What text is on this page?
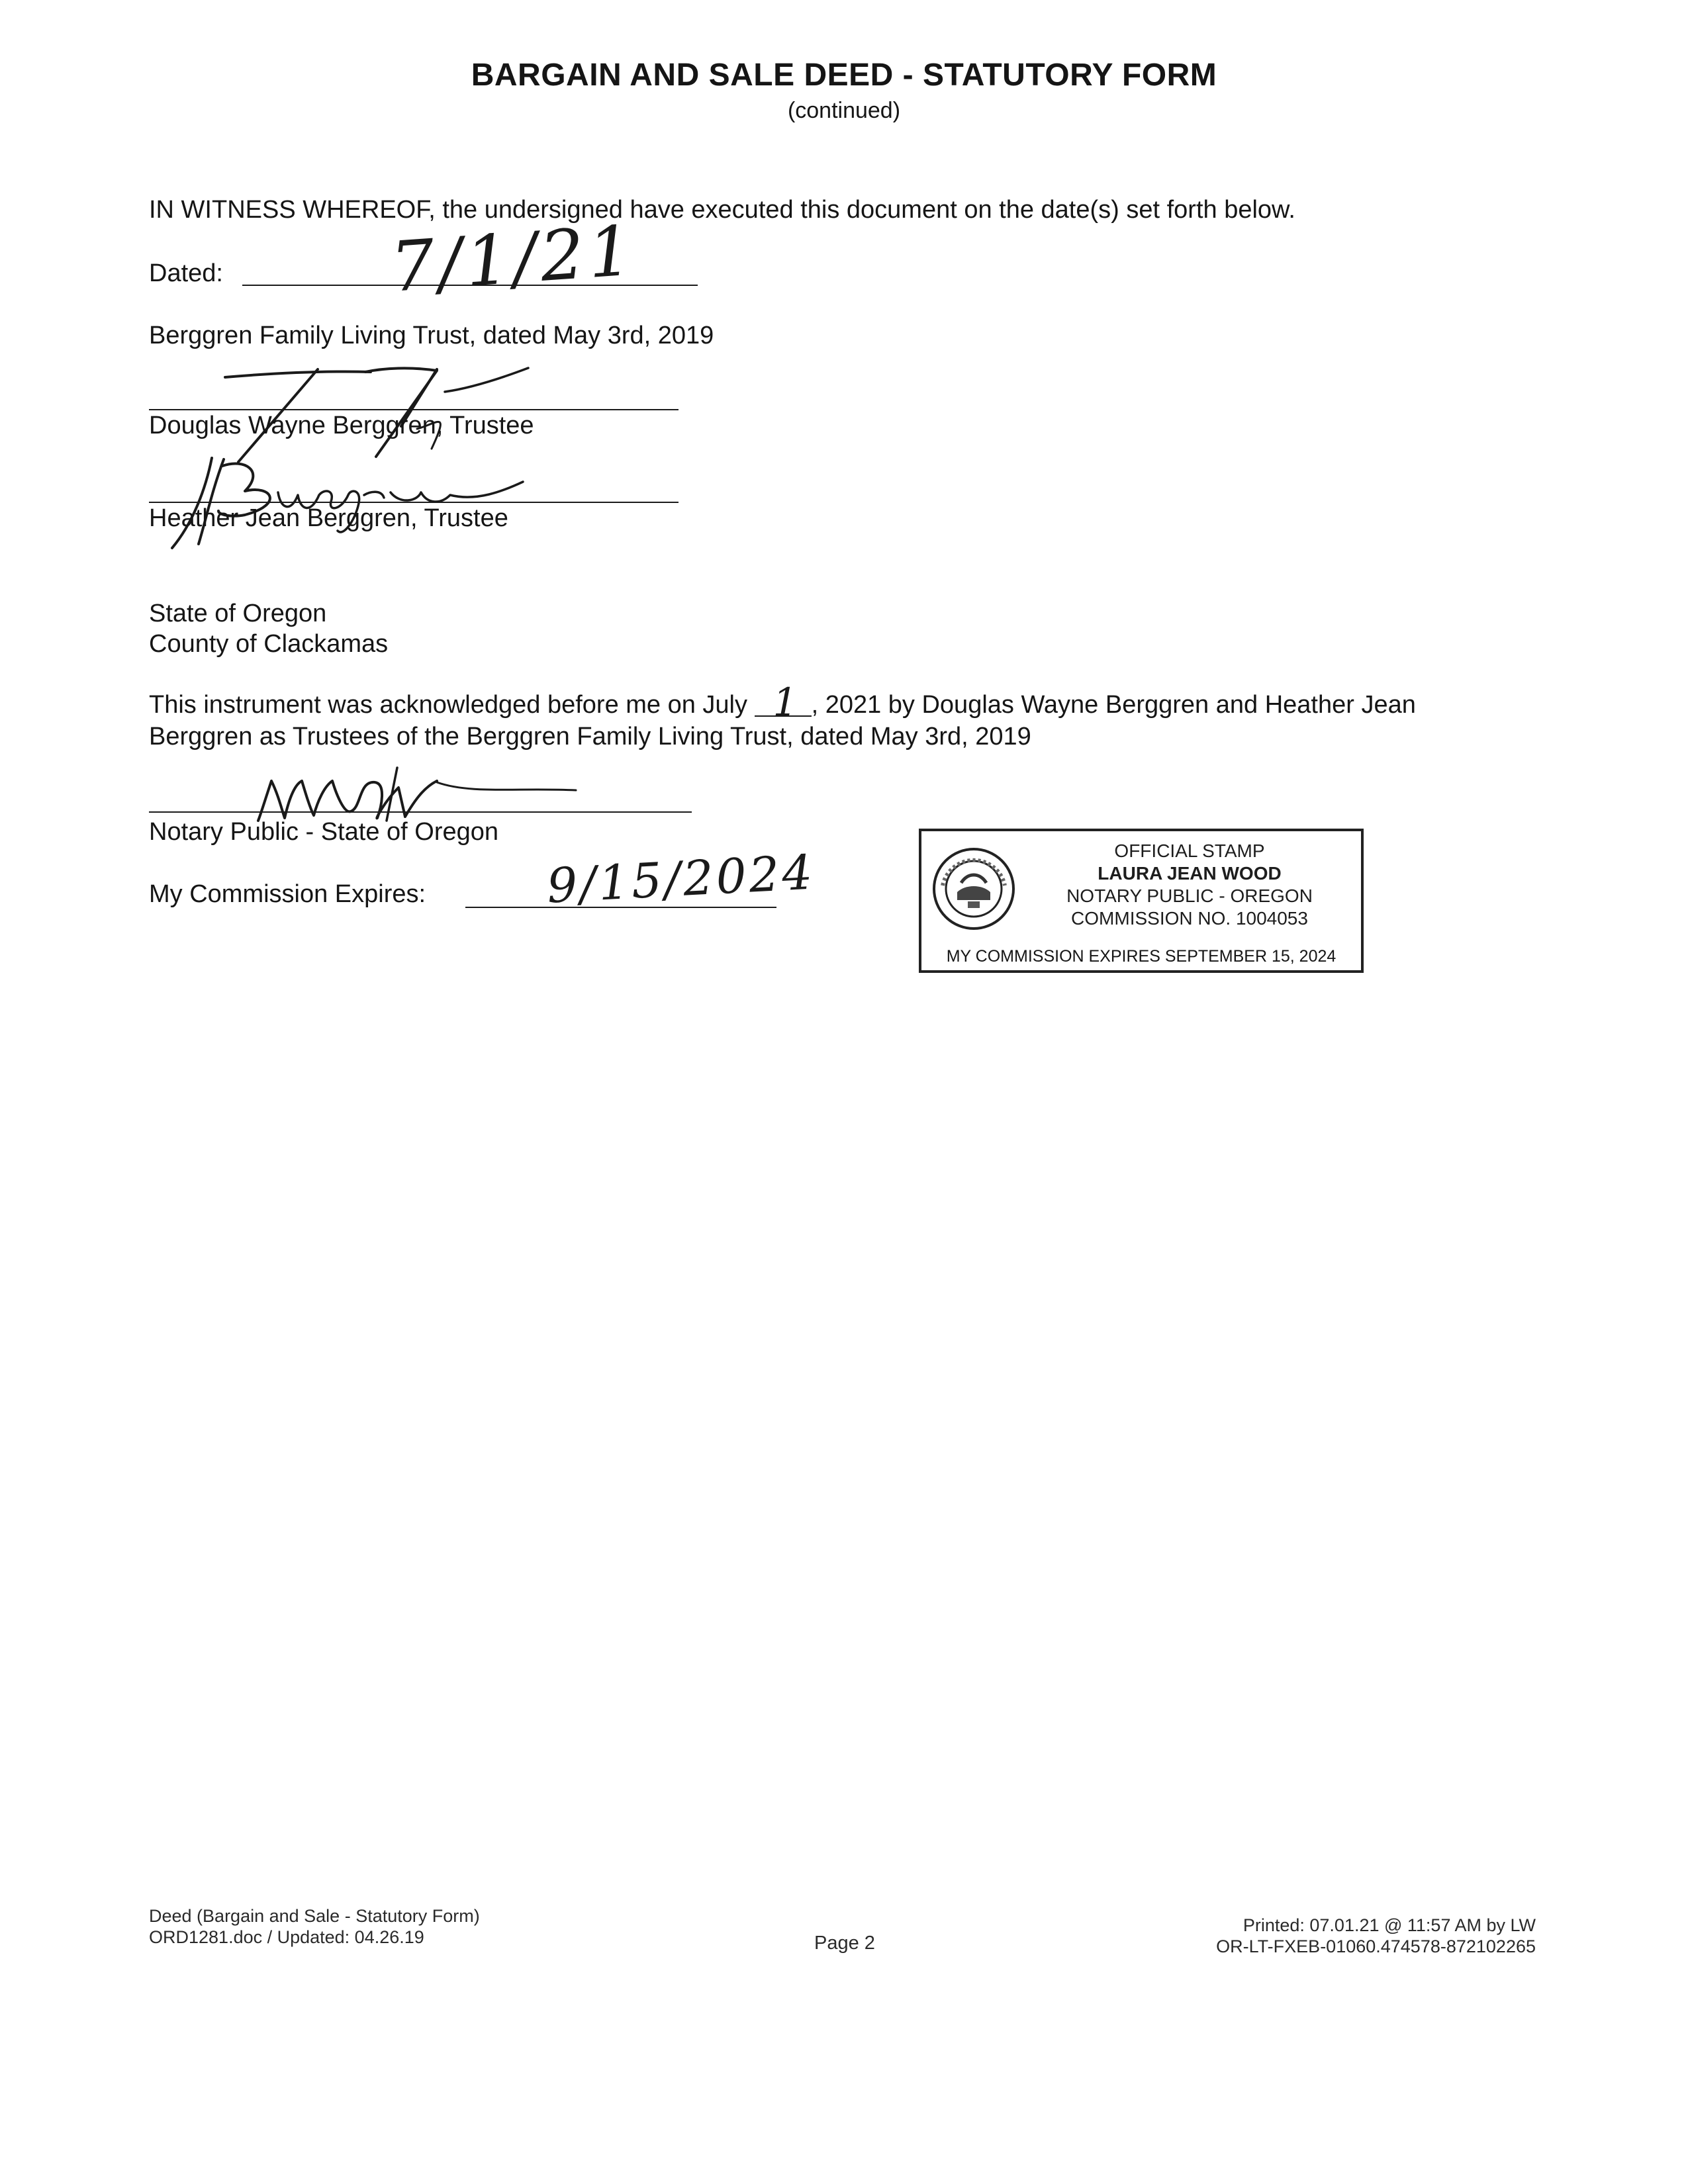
BARGAIN AND SALE DEED - STATUTORY FORM
(continued)
IN WITNESS WHEREOF, the undersigned have executed this document on the date(s) set forth below.
Dated: 7/1/21
Berggren Family Living Trust, dated May 3rd, 2019
Douglas Wayne Berggren, Trustee
Heather Jean Berggren, Trustee
State of Oregon
County of Clackamas
This instrument was acknowledged before me on July 1 , 2021 by Douglas Wayne Berggren and Heather Jean
Berggren as Trustees of the Berggren Family Living Trust, dated May 3rd, 2019
Notary Public - State of Oregon
My Commission Expires:	9/15/2024	OFFICIAL STAMP
LAURA JEAN WOOD
NOTARY PUBLIC - OREGON
COMMISSION NO. 1004053
MY COMMISSION EXPIRES SEPTEMBER 15, 2024
Deed (Bargain and Sale - Statutory Form)
ORD1281.doc / Updated: 04.26.19	Page 2
Printed: 07.01.21 @ 11:57 AM by LW
OR-LT-FXEB-01060.474578-872102265
